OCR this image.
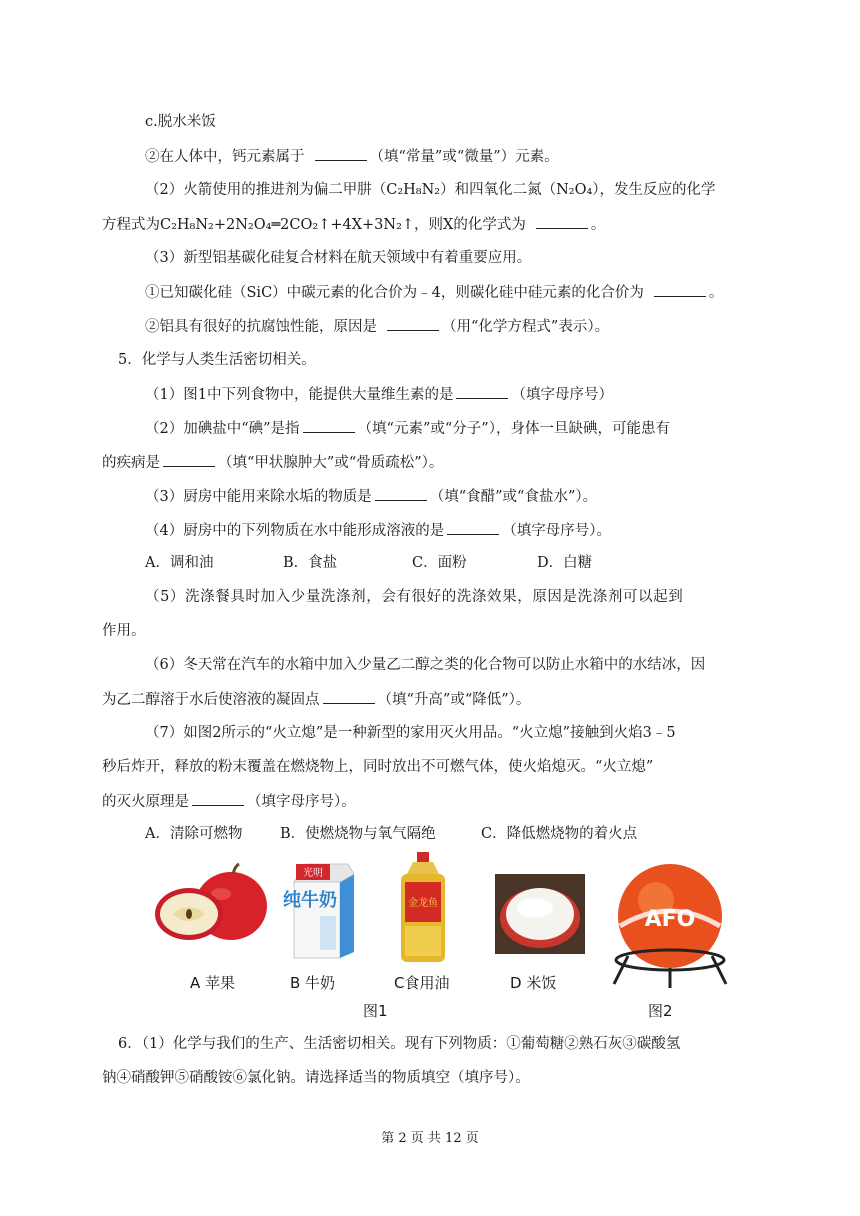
c.脱水米饭
②在人体中，钙元素属于	（填“常量”或“微量”）元素。
（2）火箭使用的推进剂为偏二甲肼（C₂H₈N₂）和四氧化二氮（N₂O₄），发生反应的化学
方程式为C₂H₈N₂+2N₂O₄═2CO₂↑+4X+3N₂↑，则X的化学式为	。
（3）新型铝基碳化硅复合材料在航天领域中有着重要应用。
①已知碳化硅（SiC）中碳元素的化合价为﹣4，则碳化硅中硅元素的化合价为	。
②铝具有很好的抗腐蚀性能，原因是	（用“化学方程式”表示）。
5．化学与人类生活密切相关。
（1）图1中下列食物中，能提供大量维生素的是	（填字母序号）
（2）加碘盐中“碘”是指	（填“元素”或“分子”），身体一旦缺碘，可能患有
的疾病是	（填“甲状腺肿大”或“骨质疏松”）。
（3）厨房中能用来除水垢的物质是	（填“食醋”或“食盐水”）。
（4）厨房中的下列物质在水中能形成溶液的是	（填字母序号）。
A．调和油	B．食盐	C．面粉	D．白糖
（5）洗涤餐具时加入少量洗涤剂，会有很好的洗涤效果，原因是洗涤剂可以起到
作用。
（6）冬天常在汽车的水箱中加入少量乙二醇之类的化合物可以防止水箱中的水结冰，因
为乙二醇溶于水后使溶液的凝固点	（填“升高”或“降低”）。
（7）如图2所示的“火立熄”是一种新型的家用灭火用品。“火立熄”接触到火焰3﹣5
秒后炸开，释放的粉末覆盖在燃烧物上，同时放出不可燃气体，使火焰熄灭。“火立熄”
的灭火原理是	（填字母序号）。
A．清除可燃物	B．使燃烧物与氧气隔绝	C．降低燃烧物的着火点
A 苹果
光明
纯牛奶
B 牛奶
金龙鱼
C食用油	D 米饭
AFO
图1	图2
6．（1）化学与我们的生产、生活密切相关。现有下列物质：①葡萄糖②熟石灰③碳酸氢
钠④硝酸钾⑤硝酸铵⑥氯化钠。请选择适当的物质填空（填序号）。
第 2 页 共 12 页
